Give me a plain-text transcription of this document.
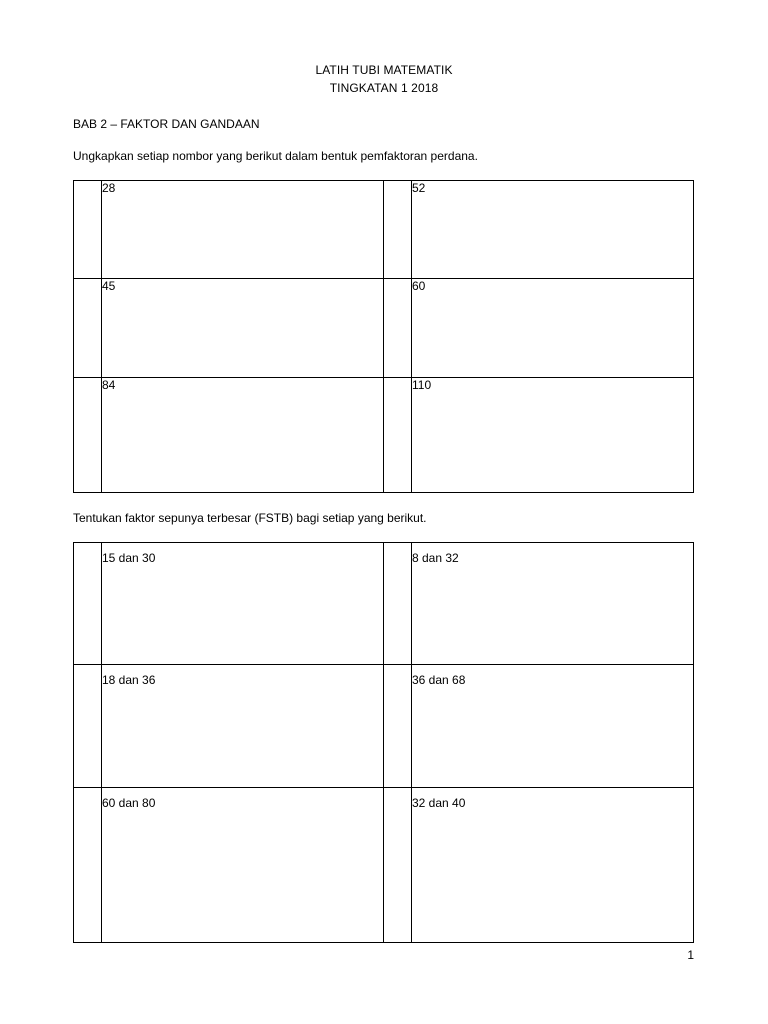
LATIH TUBI MATEMATIK
TINGKATAN 1 2018
BAB 2 – FAKTOR DAN GANDAAN
Ungkapkan setiap nombor yang berikut dalam bentuk pemfaktoran perdana.
	28		52
	45		60
	84		110
Tentukan faktor sepunya terbesar (FSTB) bagi setiap yang berikut.
	15 dan 30		8 dan 32
	18 dan 36		36 dan 68
	60 dan 80		32 dan 40
1
